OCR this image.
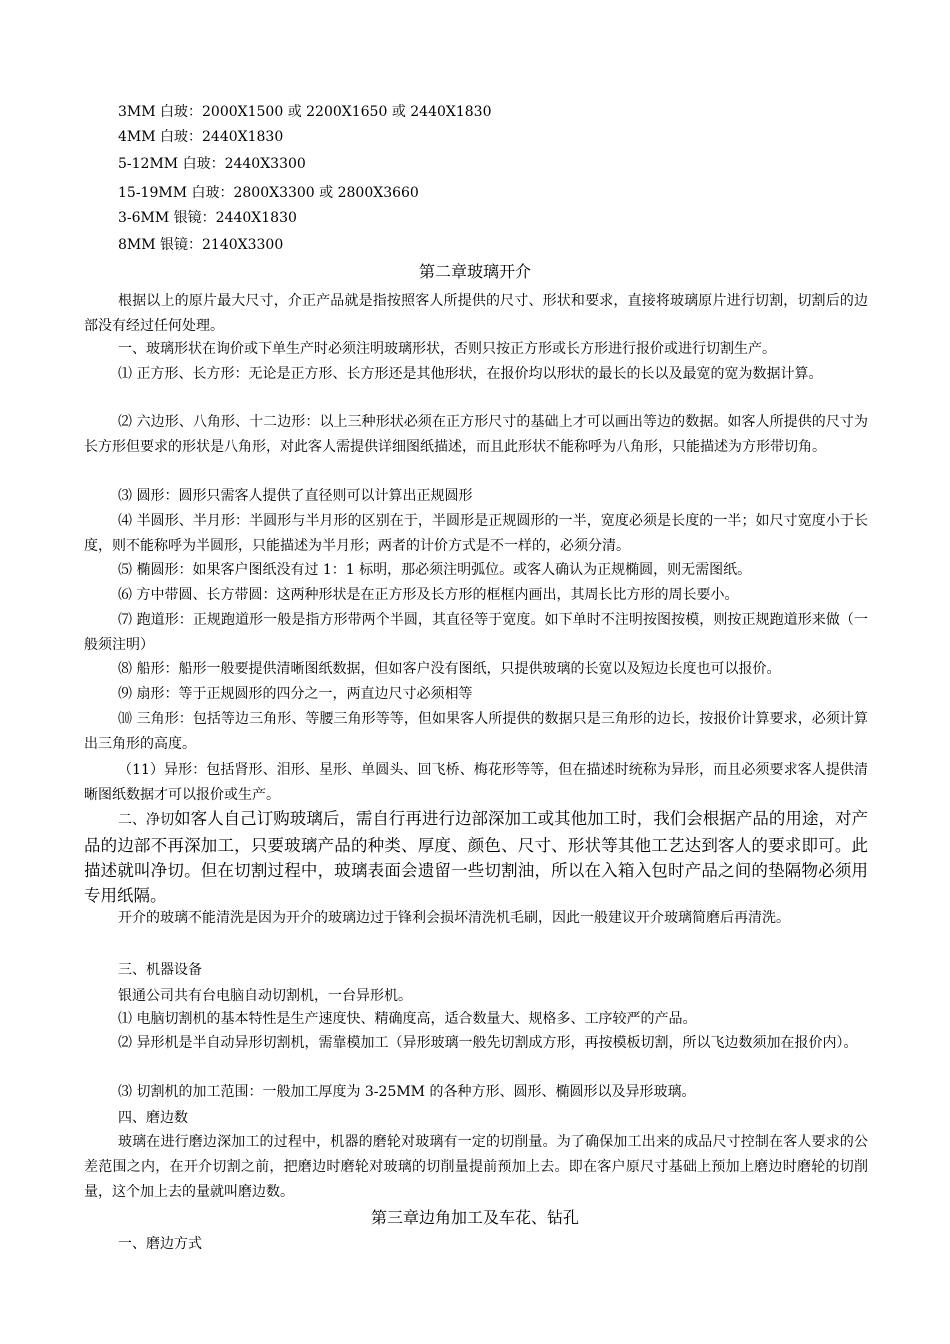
3MM 白玻：2000X1500 或 2200X1650 或 2440X1830
4MM 白玻：2440X1830
5-12MM 白玻：2440X3300
15-19MM 白玻：2800X3300 或 2800X3660
3-6MM 银镜：2440X1830
8MM 银镜：2140X3300
第二章玻璃开介
根据以上的原片最大尺寸，介正产品就是指按照客人所提供的尺寸、形状和要求，直接将玻璃原片进行切割，切割后的边部没有经过任何处理。
一、玻璃形状在询价或下单生产时必须注明玻璃形状，否则只按正方形或长方形进行报价或进行切割生产。
⑴ 正方形、长方形：无论是正方形、长方形还是其他形状，在报价均以形状的最长的长以及最宽的宽为数据计算。
⑵ 六边形、八角形、十二边形：以上三种形状必须在正方形尺寸的基础上才可以画出等边的数据。如客人所提供的尺寸为长方形但要求的形状是八角形，对此客人需提供详细图纸描述，而且此形状不能称呼为八角形，只能描述为方形带切角。
⑶ 圆形：圆形只需客人提供了直径则可以计算出正规圆形
⑷ 半圆形、半月形：半圆形与半月形的区别在于，半圆形是正规圆形的一半，宽度必须是长度的一半；如尺寸宽度小于长度，则不能称呼为半圆形，只能描述为半月形；两者的计价方式是不一样的，必须分清。
⑸ 椭圆形：如果客户图纸没有过 1：1 标明，那必须注明弧位。或客人确认为正规椭圆，则无需图纸。
⑹ 方中带圆、长方带圆：这两种形状是在正方形及长方形的框框内画出，其周长比方形的周长要小。
⑺ 跑道形：正规跑道形一般是指方形带两个半圆，其直径等于宽度。如下单时不注明按图按模，则按正规跑道形来做（一般须注明）
⑻ 船形：船形一般要提供清晰图纸数据，但如客户没有图纸，只提供玻璃的长宽以及短边长度也可以报价。
⑼ 扇形：等于正规圆形的四分之一，两直边尺寸必须相等
⑽ 三角形：包括等边三角形、等腰三角形等等，但如果客人所提供的数据只是三角形的边长，按报价计算要求，必须计算出三角形的高度。
（11）异形：包括肾形、泪形、星形、单圆头、回飞桥、梅花形等等，但在描述时统称为异形，而且必须要求客人提供清晰图纸数据才可以报价或生产。
二、净切如客人自己订购玻璃后，需自行再进行边部深加工或其他加工时，我们会根据产品的用途，对产品的边部不再深加工，只要玻璃产品的种类、厚度、颜色、尺寸、形状等其他工艺达到客人的要求即可。此描述就叫净切。但在切割过程中，玻璃表面会遗留一些切割油，所以在入箱入包时产品之间的垫隔物必须用专用纸隔。
开介的玻璃不能清洗是因为开介的玻璃边过于锋利会损坏清洗机毛刷，因此一般建议开介玻璃简磨后再清洗。
三、机器设备
银通公司共有台电脑自动切割机，一台异形机。
⑴ 电脑切割机的基本特性是生产速度快、精确度高，适合数量大、规格多、工序较严的产品。
⑵ 异形机是半自动异形切割机，需靠模加工（异形玻璃一般先切割成方形，再按模板切割，所以飞边数须加在报价内）。
⑶ 切割机的加工范围：一般加工厚度为 3-25MM 的各种方形、圆形、椭圆形以及异形玻璃。
四、磨边数
玻璃在进行磨边深加工的过程中，机器的磨轮对玻璃有一定的切削量。为了确保加工出来的成品尺寸控制在客人要求的公差范围之内，在开介切割之前，把磨边时磨轮对玻璃的切削量提前预加上去。即在客户原尺寸基础上预加上磨边时磨轮的切削量，这个加上去的量就叫磨边数。
第三章边角加工及车花、钻孔
一、磨边方式
